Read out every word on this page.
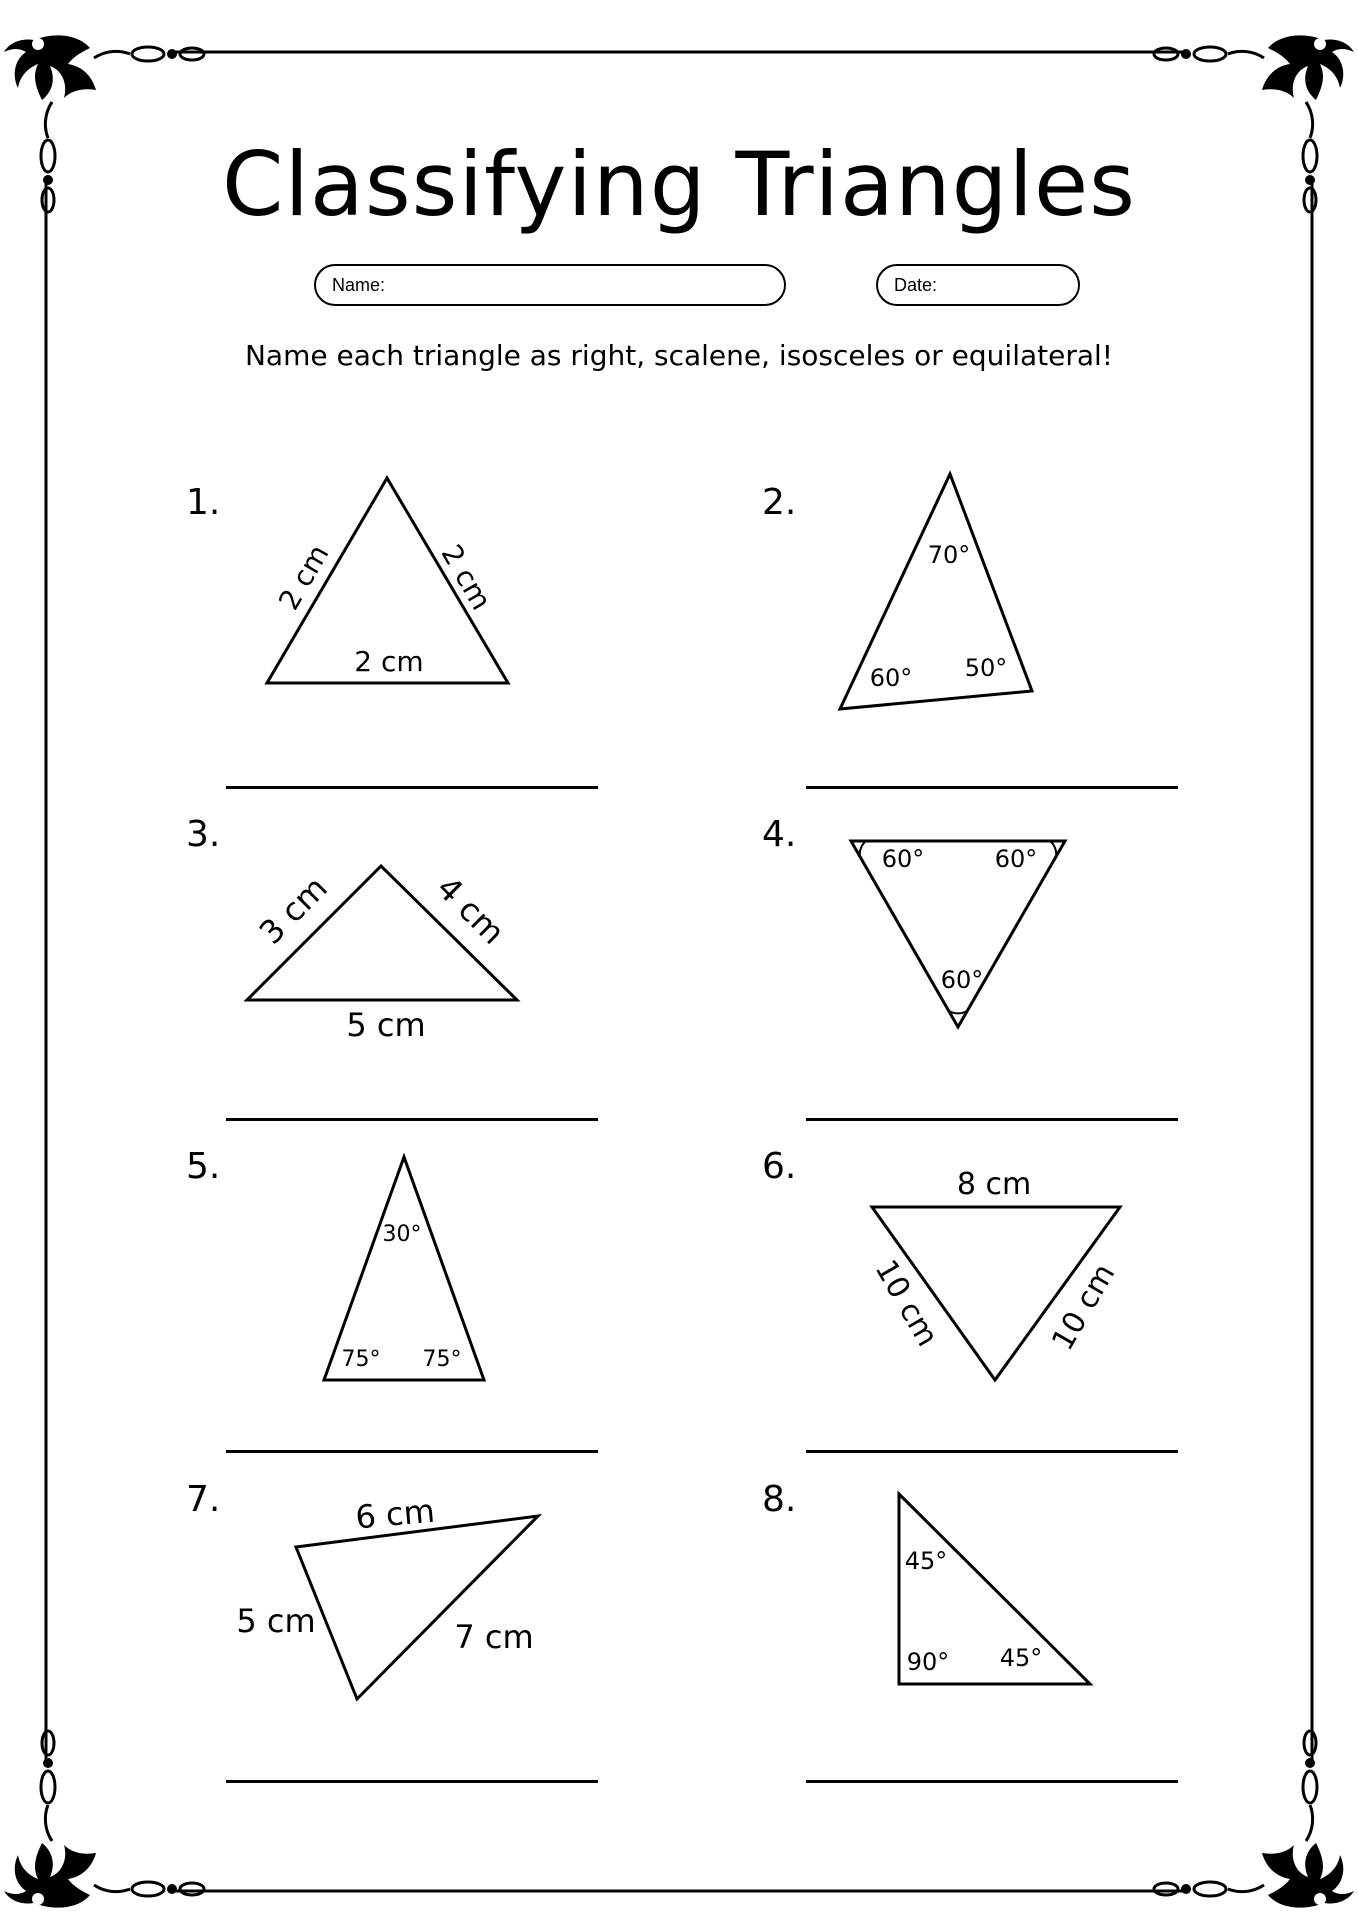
2 cm	2 cm
2 cm
70°
60° 50°
3 cm	4 cm
5 cm
60°	60°
60°
30°
75° 75°
8 cm
10 cm	10 cm
6 cm
5 cm	7 cm
45°
90° 45°
Classifying Triangles
Name:	Date:
Name each triangle as right, scalene, isosceles or equilateral!
1.	2.
3.	4.
5.	6.
7.	8.
